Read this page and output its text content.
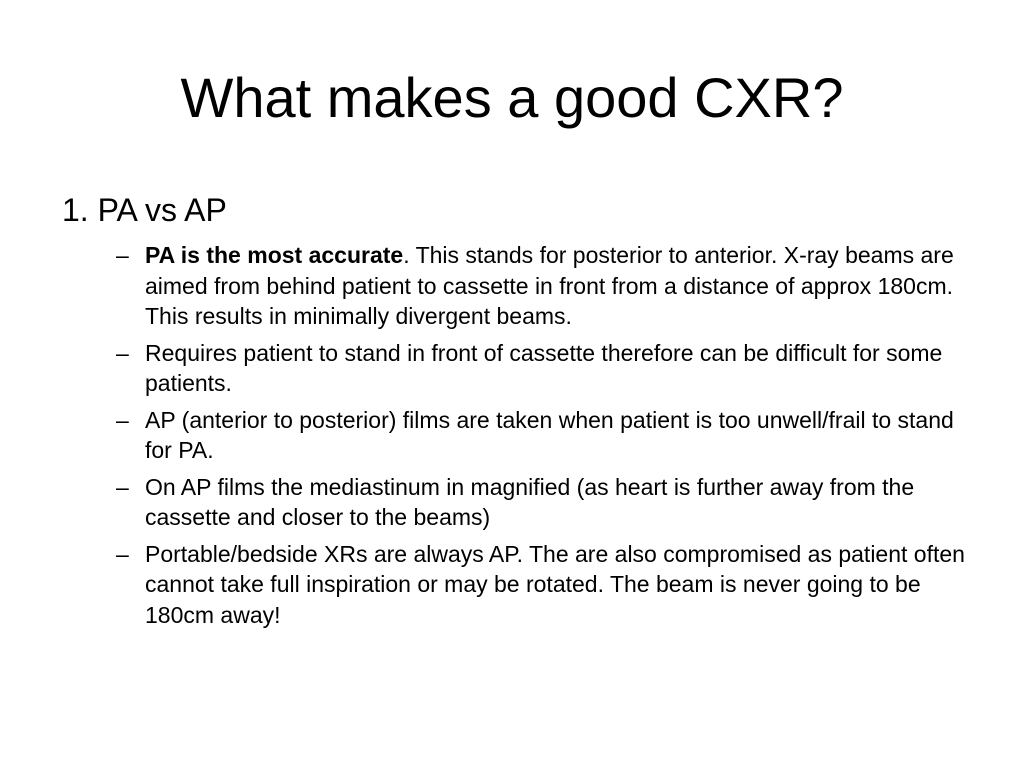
What makes a good CXR?
1. PA vs AP
– PA is the most accurate. This stands for posterior to anterior. X-ray beams are aimed from behind patient to cassette in front from a distance of approx 180cm. This results in minimally divergent beams.
– Requires patient to stand in front of cassette therefore can be difficult for some patients.
– AP (anterior to posterior) films are taken when patient is too unwell/frail to stand for PA.
– On AP films the mediastinum in magnified (as heart is further away from the cassette and closer to the beams)
– Portable/bedside XRs are always AP. The are also compromised as patient often cannot take full inspiration or may be rotated. The beam is never going to be 180cm away!
